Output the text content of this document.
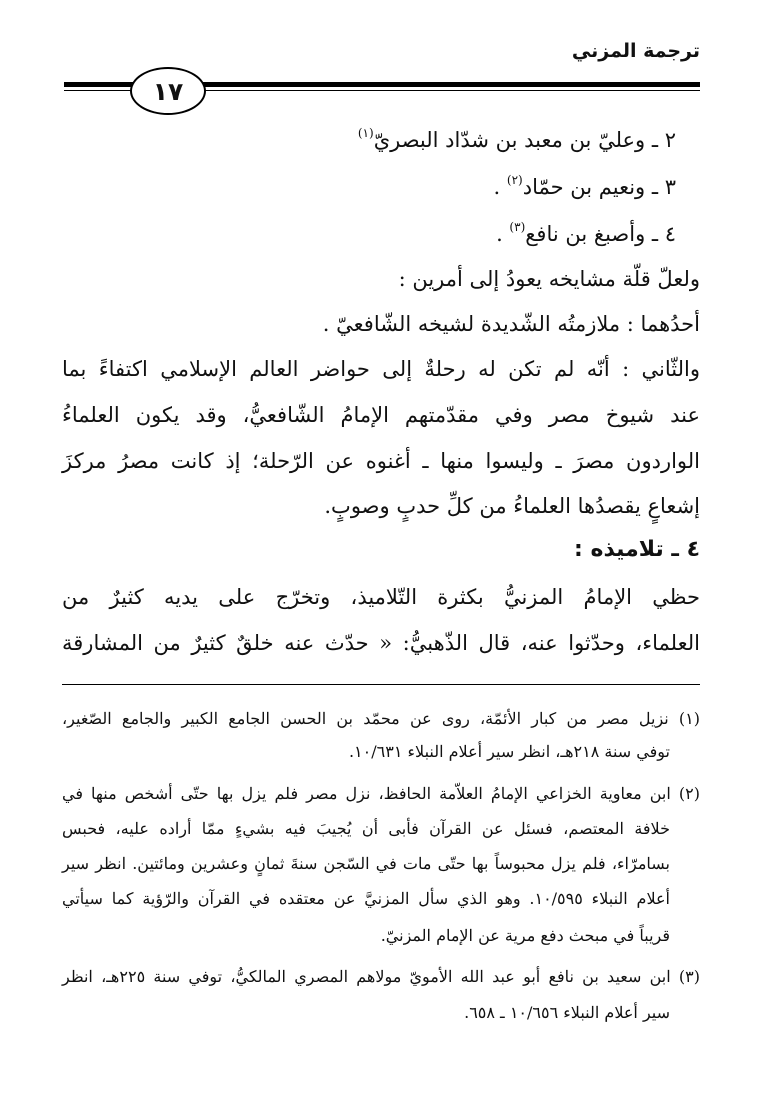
ترجمة المزني
١٧
٢ ـ وعليّ بن معبد بن شدّاد البصريّ$^{(١)}$
٣ ـ ونعيم بن حمّاد$^{(٢)}$ .
٤ ـ وأصبغ بن نافع$^{(٣)}$ .
ولعلّ قلّة مشايخه يعودُ إلى أمرين :
أحدُهما : ملازمتُه الشّديدة لشيخه الشّافعيّ .
والثّاني : أنّه لم تكن له رحلةٌ إلى حواضر العالم الإسلامي اكتفاءً بما
عند شيوخ مصر وفي مقدّمتهم الإمامُ الشّافعيُّ، وقد يكون العلماءُ
الواردون مصرَ ـ وليسوا منها ـ أغنوه عن الرّحلة؛ إذ كانت مصرُ مركزَ
إشعاعٍ يقصدُها العلماءُ من كلِّ حدبٍ وصوبٍ.
٤ ـ تلاميذه :
حظي الإمامُ المزنيُّ بكثرة التّلاميذ، وتخرّج على يديه كثيرٌ من
العلماء، وحدّثوا عنه، قال الذّهبيُّ: « حدّث عنه خلقٌ كثيرٌ من المشارقة
(١) نزيل مصر من كبار الأئمّة، روى عن محمّد بن الحسن الجامع الكبير والجامع الصّغير،
توفي سنة ٢١٨هـ، انظر سير أعلام النبلاء ١٠/٦٣١.
(٢) ابن معاوية الخزاعي الإمامُ العلاّمة الحافظ، نزل مصر فلم يزل بها حتّى أشخص منها في
خلافة المعتصم، فسئل عن القرآن فأبى أن يُجيبَ فيه بشيءٍ ممّا أراده عليه، فحبس
بسامرّاء، فلم يزل محبوساً بها حتّى مات في السّجن سنةَ ثمانٍ وعشرين ومائتين. انظر سير
أعلام النبلاء ١٠/٥٩٥. وهو الذي سأل المزنيَّ عن معتقده في القرآن والرّؤية كما سيأتي
قريباً في مبحث دفع مرية عن الإمام المزنيّ.
(٣) ابن سعيد بن نافع أبو عبد الله الأمويّ مولاهم المصري المالكيُّ، توفي سنة ٢٢٥هـ، انظر
سير أعلام النبلاء ١٠/٦٥٦ ـ ٦٥٨.
